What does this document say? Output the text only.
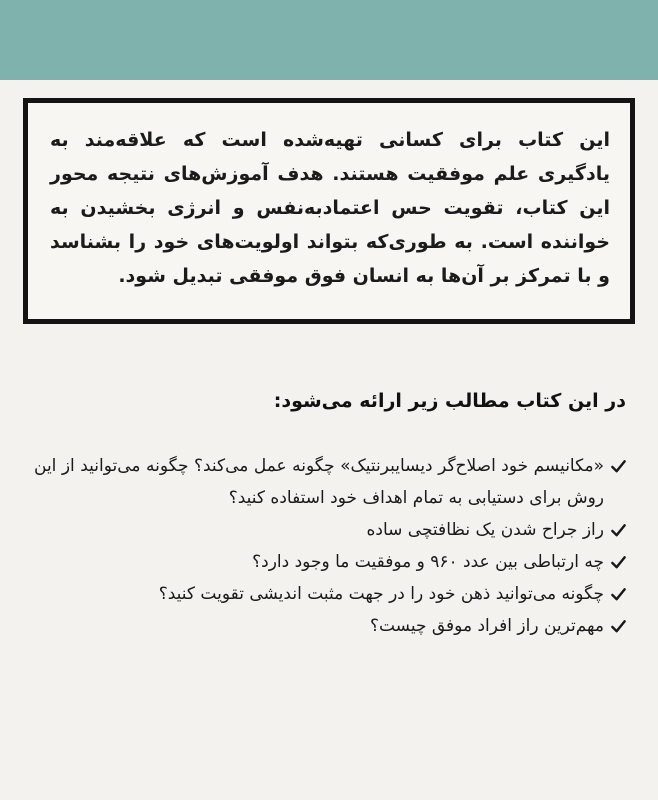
این کتاب برای کسانی تهیه‌شده است که علاقه‌مند به یادگیری علم موفقیت هستند. هدف آموزش‌های نتیجه محور این کتاب، تقویت حس اعتمادبه‌نفس و انرژی بخشیدن به خواننده است. به طوری‌که بتواند اولویت‌های خود را بشناسد و با تمرکز بر آن‌ها به انسان فوق موفقی تبدیل شود.

در این کتاب مطالب زیر ارائه می‌شود:
«مکانیسم خود اصلاح‌گر دیسایبرنتیک» چگونه عمل می‌کند؟ چگونه می‌توانید از این روش برای دستیابی به تمام اهداف خود استفاده کنید؟
راز جراح شدن یک نظافتچی ساده
چه ارتباطی بین عدد ۹۶۰ و موفقیت ما وجود دارد؟
چگونه می‌توانید ذهن خود را در جهت مثبت اندیشی تقویت کنید؟
مهم‌ترین راز افراد موفق چیست؟
